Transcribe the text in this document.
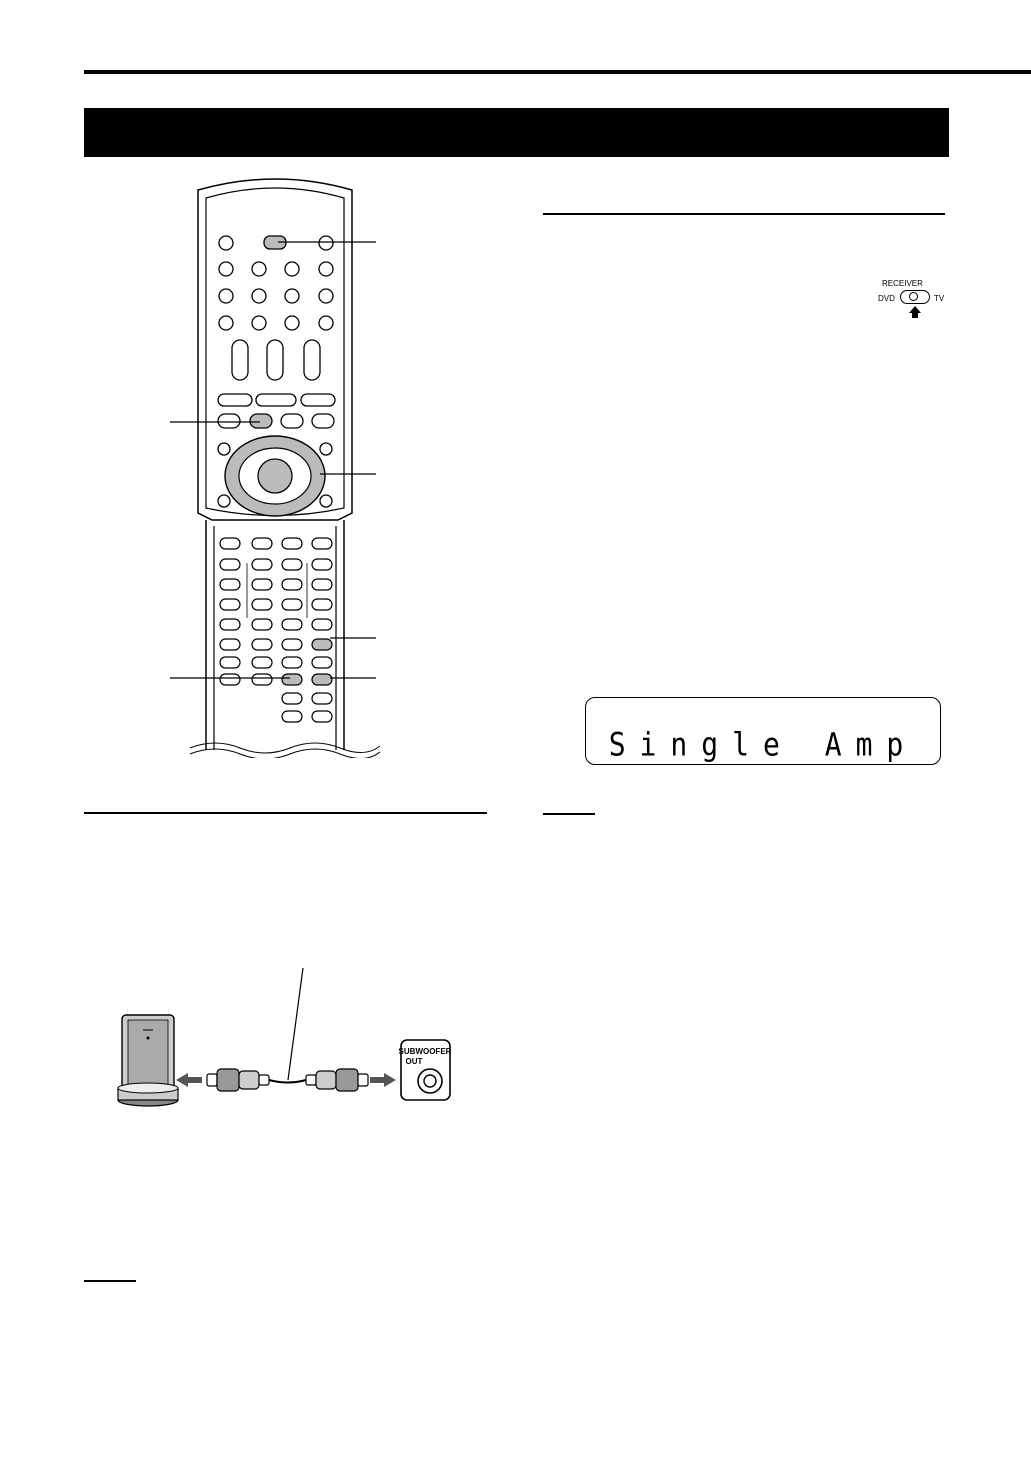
RECEIVER
DVD	TV
Single Amp
SUBWOOFER
OUT
